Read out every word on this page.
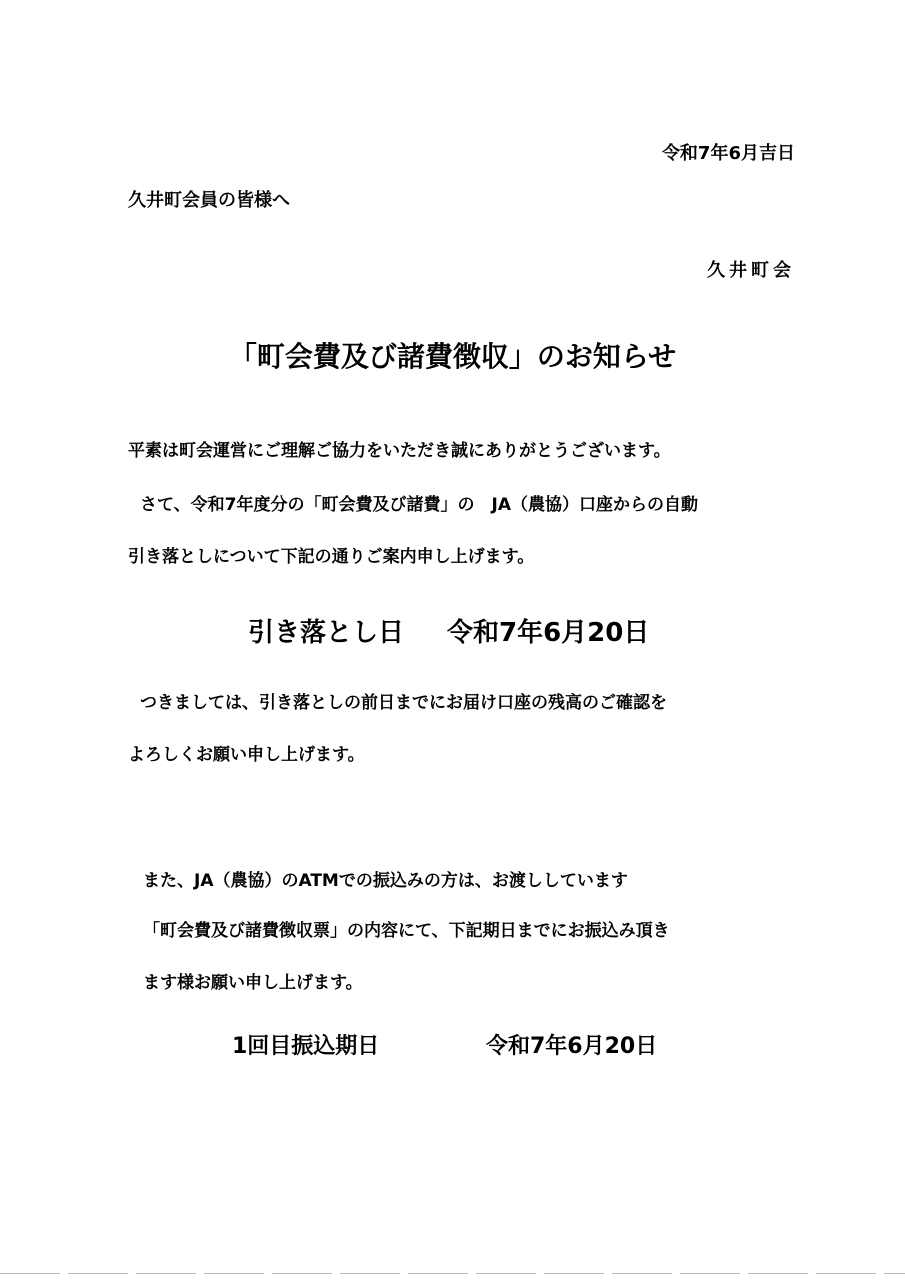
令和7年6月吉日
久井町会員の皆様へ
久井町会
「町会費及び諸費徴収」のお知らせ
平素は町会運営にご理解ご協力をいただき誠にありがとうございます。
さて、令和7年度分の「町会費及び諸費」の　JA（農協）口座からの自動
引き落としについて下記の通りご案内申し上げます。
引き落とし日 令和7年6月20日
つきましては、引き落としの前日までにお届け口座の残高のご確認を
よろしくお願い申し上げます。
また、JA（農協）のATMでの振込みの方は、お渡ししています
「町会費及び諸費徴収票」の内容にて、下記期日までにお振込み頂き
ます様お願い申し上げます。
1回目振込期日	令和7年6月20日
